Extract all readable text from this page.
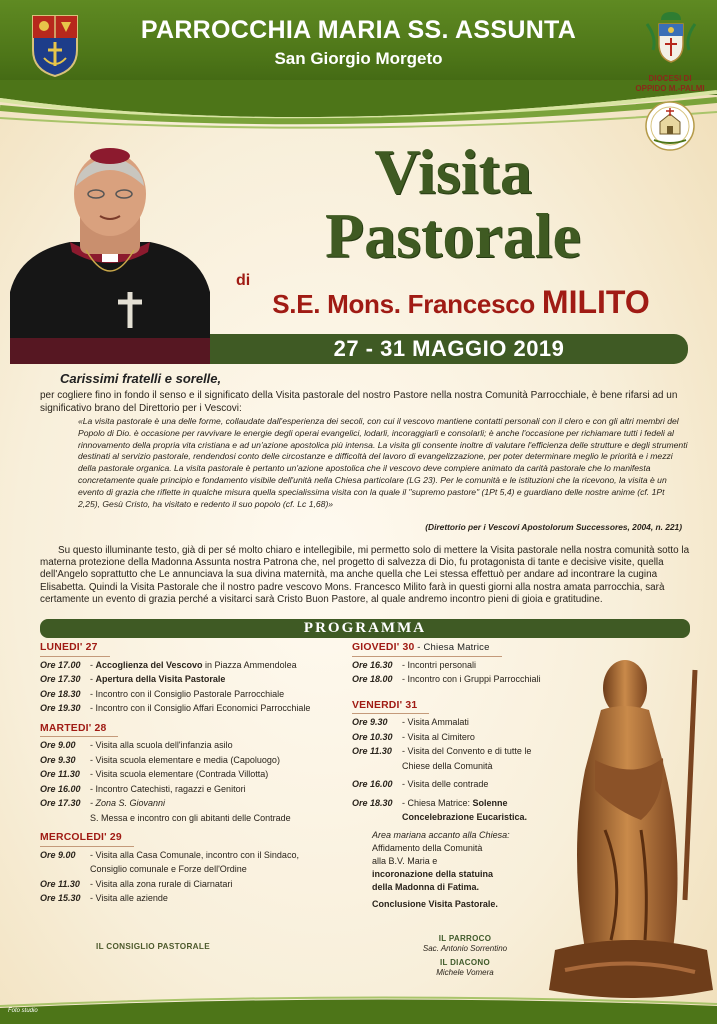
PARROCCHIA MARIA SS. ASSUNTA
San Giorgio Morgeto
DIOCESI DI
OPPIDO M.-PALMI
Visita
Pastorale
di
S.E. Mons. Francesco MILITO
27 - 31 MAGGIO 2019
Carissimi fratelli e sorelle,
per cogliere fino in fondo il senso e il significato della Visita pastorale del nostro Pastore nella nostra Comunità Parrocchiale, è bene rifarsi ad un significativo brano del Direttorio per i Vescovi:
«La visita pastorale è una delle forme, collaudate dall'esperienza dei secoli, con cui il vescovo mantiene contatti personali con il clero e con gli altri membri del Popolo di Dio. è occasione per ravvivare le energie degli operai evangelici, lodarli, incoraggiarli e consolarli; è anche l'occasione per richiamare tutti i fedeli al rinnovamento della propria vita cristiana e ad un'azione apostolica più intensa. La visita gli consente inoltre di valutare l'efficienza delle strutture e degli strumenti destinati al servizio pastorale, rendendosi conto delle circostanze e difficoltà del lavoro di evangelizzazione, per poter determinare meglio le priorità e i mezzi della pastorale organica. La visita pastorale è pertanto un'azione apostolica che il vescovo deve compiere animato da carità pastorale che lo manifesta concretamente quale principio e fondamento visibile dell'unità nella Chiesa particolare (LG 23). Per le comunità e le istituzioni che la ricevono, la visita è un evento di grazia che riflette in qualche misura quella specialissima visita con la quale il "supremo pastore" (1Pt 5,4) e guardiano delle nostre anime (cf. 1Pt 2,25), Gesù Cristo, ha visitato e redento il suo popolo (cf. Lc 1,68)»
(Direttorio per i Vescovi Apostolorum Successores, 2004, n. 221)
Su questo illuminante testo, già di per sé molto chiaro e intellegibile, mi permetto solo di mettere la Visita pastorale nella nostra comunità sotto la materna protezione della Madonna Assunta nostra Patrona che, nel progetto di salvezza di Dio, fu protagonista di tante e decisive visite, quella dell'Angelo soprattutto che Le annunciava la sua divina maternità, ma anche quella che Lei stessa effettuò per andare ad incontrare la cugina Elisabetta. Quindi la Visita Pastorale che il nostro padre vescovo Mons. Francesco Milito farà in questi giorni alla nostra amata parrocchia, sarà certamente un evento di grazia perché a visitarci sarà Cristo Buon Pastore, al quale andremo incontro pieni di gioia e gratitudine.
PROGRAMMA
LUNEDI' 27
Ore 17.00	- Accoglienza del Vescovo in Piazza Ammendolea
Ore 17.30	- Apertura della Visita Pastorale
Ore 18.30	- Incontro con il Consiglio Pastorale Parrocchiale
Ore 19.30	- Incontro con il Consiglio Affari Economici Parrocchiale
MARTEDI' 28
Ore 9.00	- Visita alla scuola dell'infanzia asilo
Ore 9.30	- Visita scuola elementare e media (Capoluogo)
Ore 11.30	- Visita scuola elementare (Contrada Villotta)
Ore 16.00	- Incontro Catechisti, ragazzi e Genitori
Ore 17.30	- Zona S. Giovanni
S. Messa e incontro con gli abitanti delle Contrade
MERCOLEDI' 29
Ore 9.00	- Visita alla Casa Comunale, incontro con il Sindaco,
Consiglio comunale e Forze dell'Ordine
Ore 11.30	- Visita alla zona rurale di Ciarnatari
Ore 15.30	- Visita alle aziende
GIOVEDI' 30 - Chiesa Matrice
Ore 16.30	- Incontri personali
Ore 18.00	- Incontro con i Gruppi Parrocchiali
VENERDI' 31
Ore 9.30	- Visita Ammalati
Ore 10.30	- Visita al Cimitero
Ore 11.30	- Visita del Convento e di tutte le
Chiese della Comunità
Ore 16.00	- Visita delle contrade
Ore 18.30	- Chiesa Matrice: Solenne
Concelebrazione Eucaristica.
Area mariana accanto alla Chiesa:
Affidamento della Comunità
alla B.V. Maria e
incoronazione della statuina
della Madonna di Fatima.
Conclusione Visita Pastorale.
IL CONSIGLIO PASTORALE
IL PARROCO
Sac. Antonio Sorrentino
IL DIACONO
Michele Vomera
Foto studio
